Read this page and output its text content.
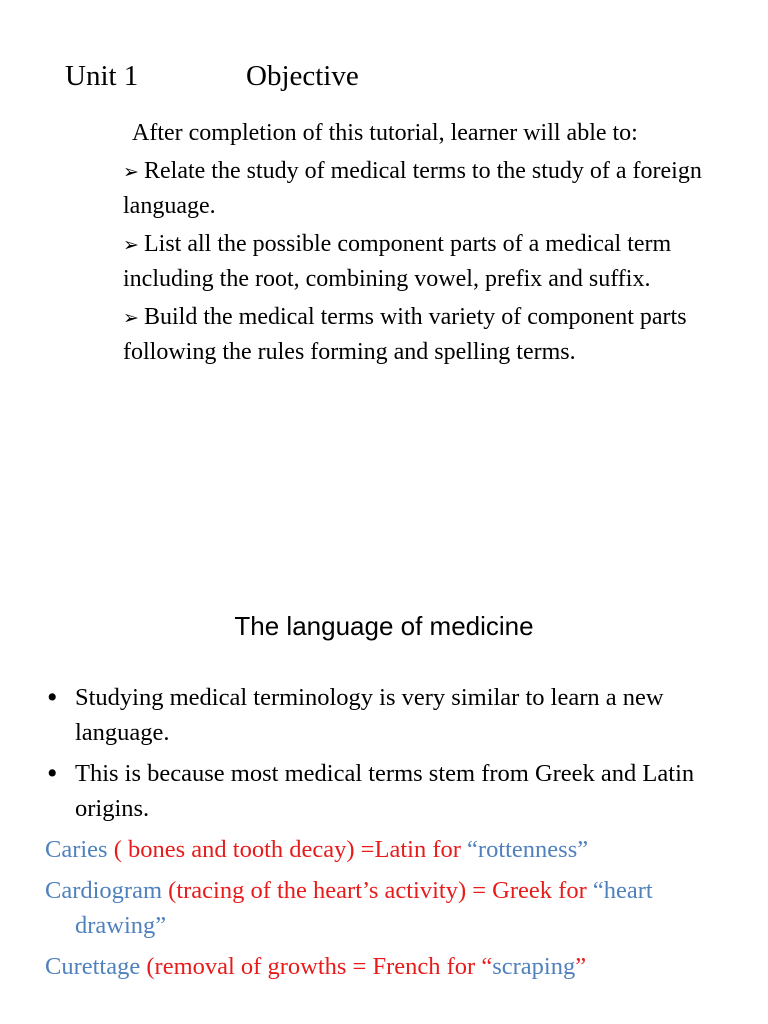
Unit 1	Objective

After completion of this tutorial, learner will able to:

➢ Relate the study of medical terms to the study of a foreign language.

➢ List all the possible component parts of a medical term including the root, combining vowel, prefix and suffix.

➢ Build the medical terms with variety of component parts following the rules forming and spelling terms.

The language of medicine
• Studying medical terminology is very similar to learn a new language.
• This is because most medical terms stem from Greek and Latin origins.
Caries ( bones and tooth decay) =Latin for “rottenness”
Cardiogram (tracing of the heart’s activity) = Greek for “heart drawing”
Curettage (removal of growths = French for “scraping”
